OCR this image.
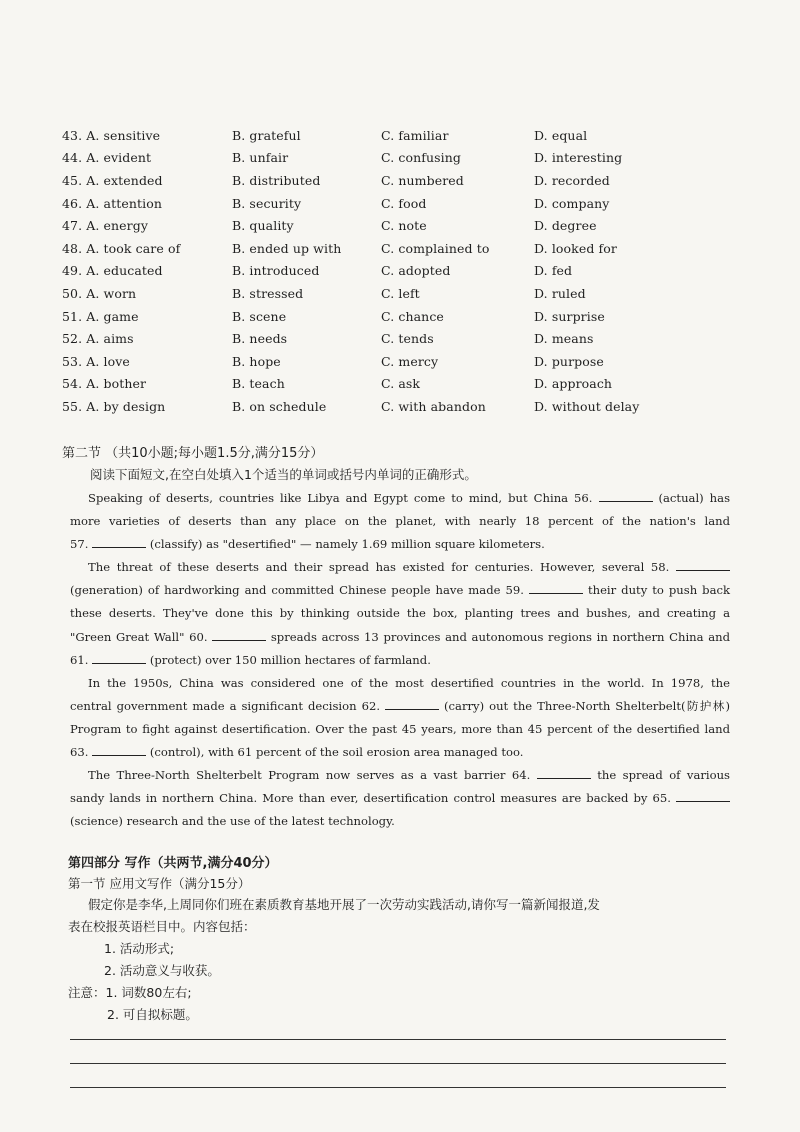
43. A. sensitive	B. grateful	C. familiar	D. equal
44. A. evident	B. unfair	C. confusing	D. interesting
45. A. extended	B. distributed	C. numbered	D. recorded
46. A. attention	B. security	C. food	D. company
47. A. energy	B. quality	C. note	D. degree
48. A. took care of	B. ended up with	C. complained to	D. looked for
49. A. educated	B. introduced	C. adopted	D. fed
50. A. worn	B. stressed	C. left	D. ruled
51. A. game	B. scene	C. chance	D. surprise
52. A. aims	B. needs	C. tends	D. means
53. A. love	B. hope	C. mercy	D. purpose
54. A. bother	B. teach	C. ask	D. approach
55. A. by design	B. on schedule	C. with abandon	D. without delay
第二节 （共10小题;每小题1.5分,满分15分）
阅读下面短文,在空白处填入1个适当的单词或括号内单词的正确形式。

Speaking of deserts, countries like Libya and Egypt come to mind, but China 56.	(actual) has
more varieties of deserts than any place on the planet, with nearly 18 percent of the nation's land
57.	(classify) as "desertified" — namely 1.69 million square kilometers.

The threat of these deserts and their spread has existed for centuries. However, several 58.
(generation) of hardworking and committed Chinese people have made 59.	their duty to push back
these deserts. They've done this by thinking outside the box, planting trees and bushes, and creating a
"Green Great Wall" 60.	spreads across 13 provinces and autonomous regions in northern China and
61.	(protect) over 150 million hectares of farmland.

In the 1950s, China was considered one of the most desertified countries in the world. In 1978, the
central government made a significant decision 62.	(carry) out the Three-North Shelterbelt(防护林)
Program to fight against desertification. Over the past 45 years, more than 45 percent of the desertified land
63.	(control), with 61 percent of the soil erosion area managed too.

The Three-North Shelterbelt Program now serves as a vast barrier 64.	the spread of various
sandy lands in northern China. More than ever, desertification control measures are backed by 65.
(science) research and the use of the latest technology.

第四部分 写作（共两节,满分40分）
第一节 应用文写作（满分15分）
假定你是李华,上周同你们班在素质教育基地开展了一次劳动实践活动,请你写一篇新闻报道,发
表在校报英语栏目中。内容包括：
1. 活动形式;
2. 活动意义与收获。
注意：1. 词数80左右;
2. 可自拟标题。
